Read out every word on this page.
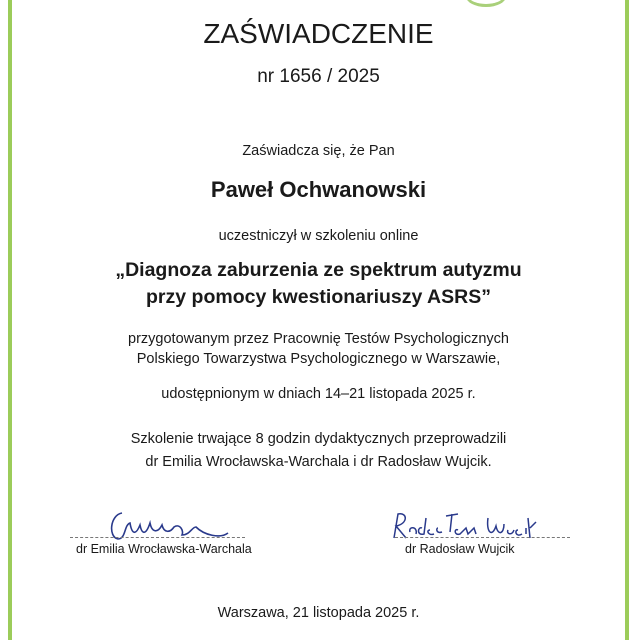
ZAŚWIADCZENIE
nr 1656 / 2025
Zaświadcza się, że Pan
Paweł Ochwanowski
uczestniczył w szkoleniu online
„Diagnoza zaburzenia ze spektrum autyzmu
przy pomocy kwestionariuszy ASRS”
przygotowanym przez Pracownię Testów Psychologicznych
Polskiego Towarzystwa Psychologicznego w Warszawie,
udostępnionym w dniach 14–21 listopada 2025 r.
Szkolenie trwające 8 godzin dydaktycznych przeprowadzili
dr Emilia Wrocławska-Warchala i dr Radosław Wujcik.
dr Emilia Wrocławska-Warchala	dr Radosław Wujcik
Warszawa, 21 listopada 2025 r.
